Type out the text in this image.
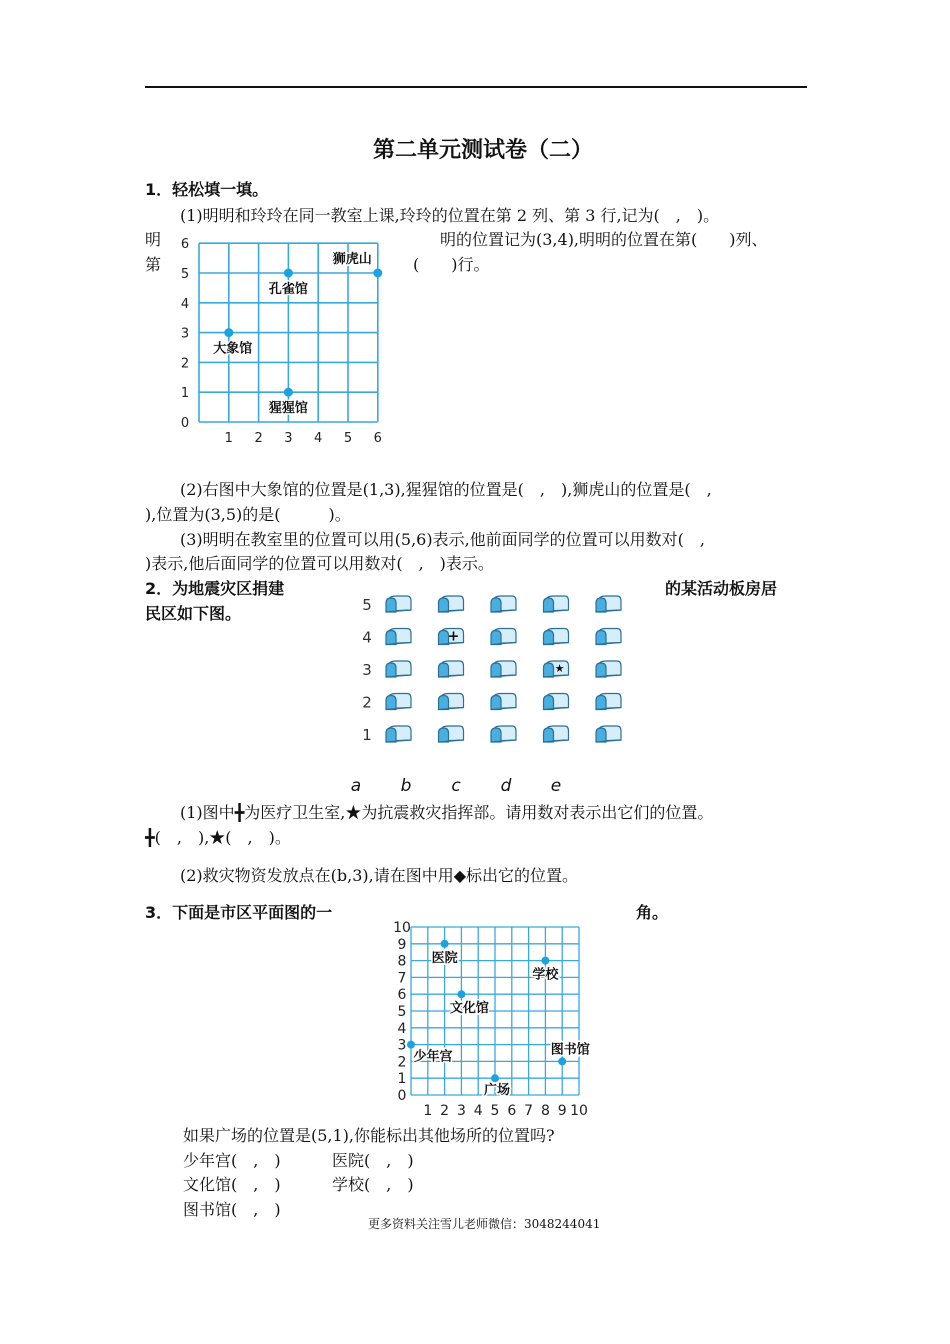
第二单元测试卷（二）
1．轻松填一填。
(1)明明和玲玲在同一教室上课,玲玲的位置在第 2 列、第 3 行,记为(　,　)。
明
第
明的位置记为(3,4),明明的位置在第(　　)列、
(　　)行。
1 2 3 4 5 6
0
1
2
3
4
5
6
大象馆
孔雀馆
狮虎山
猩猩馆
(2)右图中大象馆的位置是(1,3),猩猩馆的位置是(　,　),狮虎山的位置是(　,
),位置为(3,5)的是(　　　)。
(3)明明在教室里的位置可以用(5,6)表示,他前面同学的位置可以用数对(　,
)表示,他后面同学的位置可以用数对(　,　)表示。
2．为地震灾区捐建	的某活动板房居
民区如下图。	5
4
3
2
1
+
★
a b c d e
(1)图中╋为医疗卫生室,★为抗震救灾指挥部。请用数对表示出它们的位置。
╋(　,　),★(　,　)。
(2)救灾物资发放点在(b,3),请在图中用◆标出它的位置。
3．下面是市区平面图的一	角。
1 2 3 4 5 6 7 8 9 10
0
1
2
3
4
5
6
7
8
9
10
医院
学校
文化馆
少年宫	图书馆
广场
如果广场的位置是(5,1),你能标出其他场所的位置吗?
少年宫(　,　)	医院(　,　)
文化馆(　,　)	学校(　,　)
图书馆(　,　)
更多资料关注雪儿老师微信：3048244041
